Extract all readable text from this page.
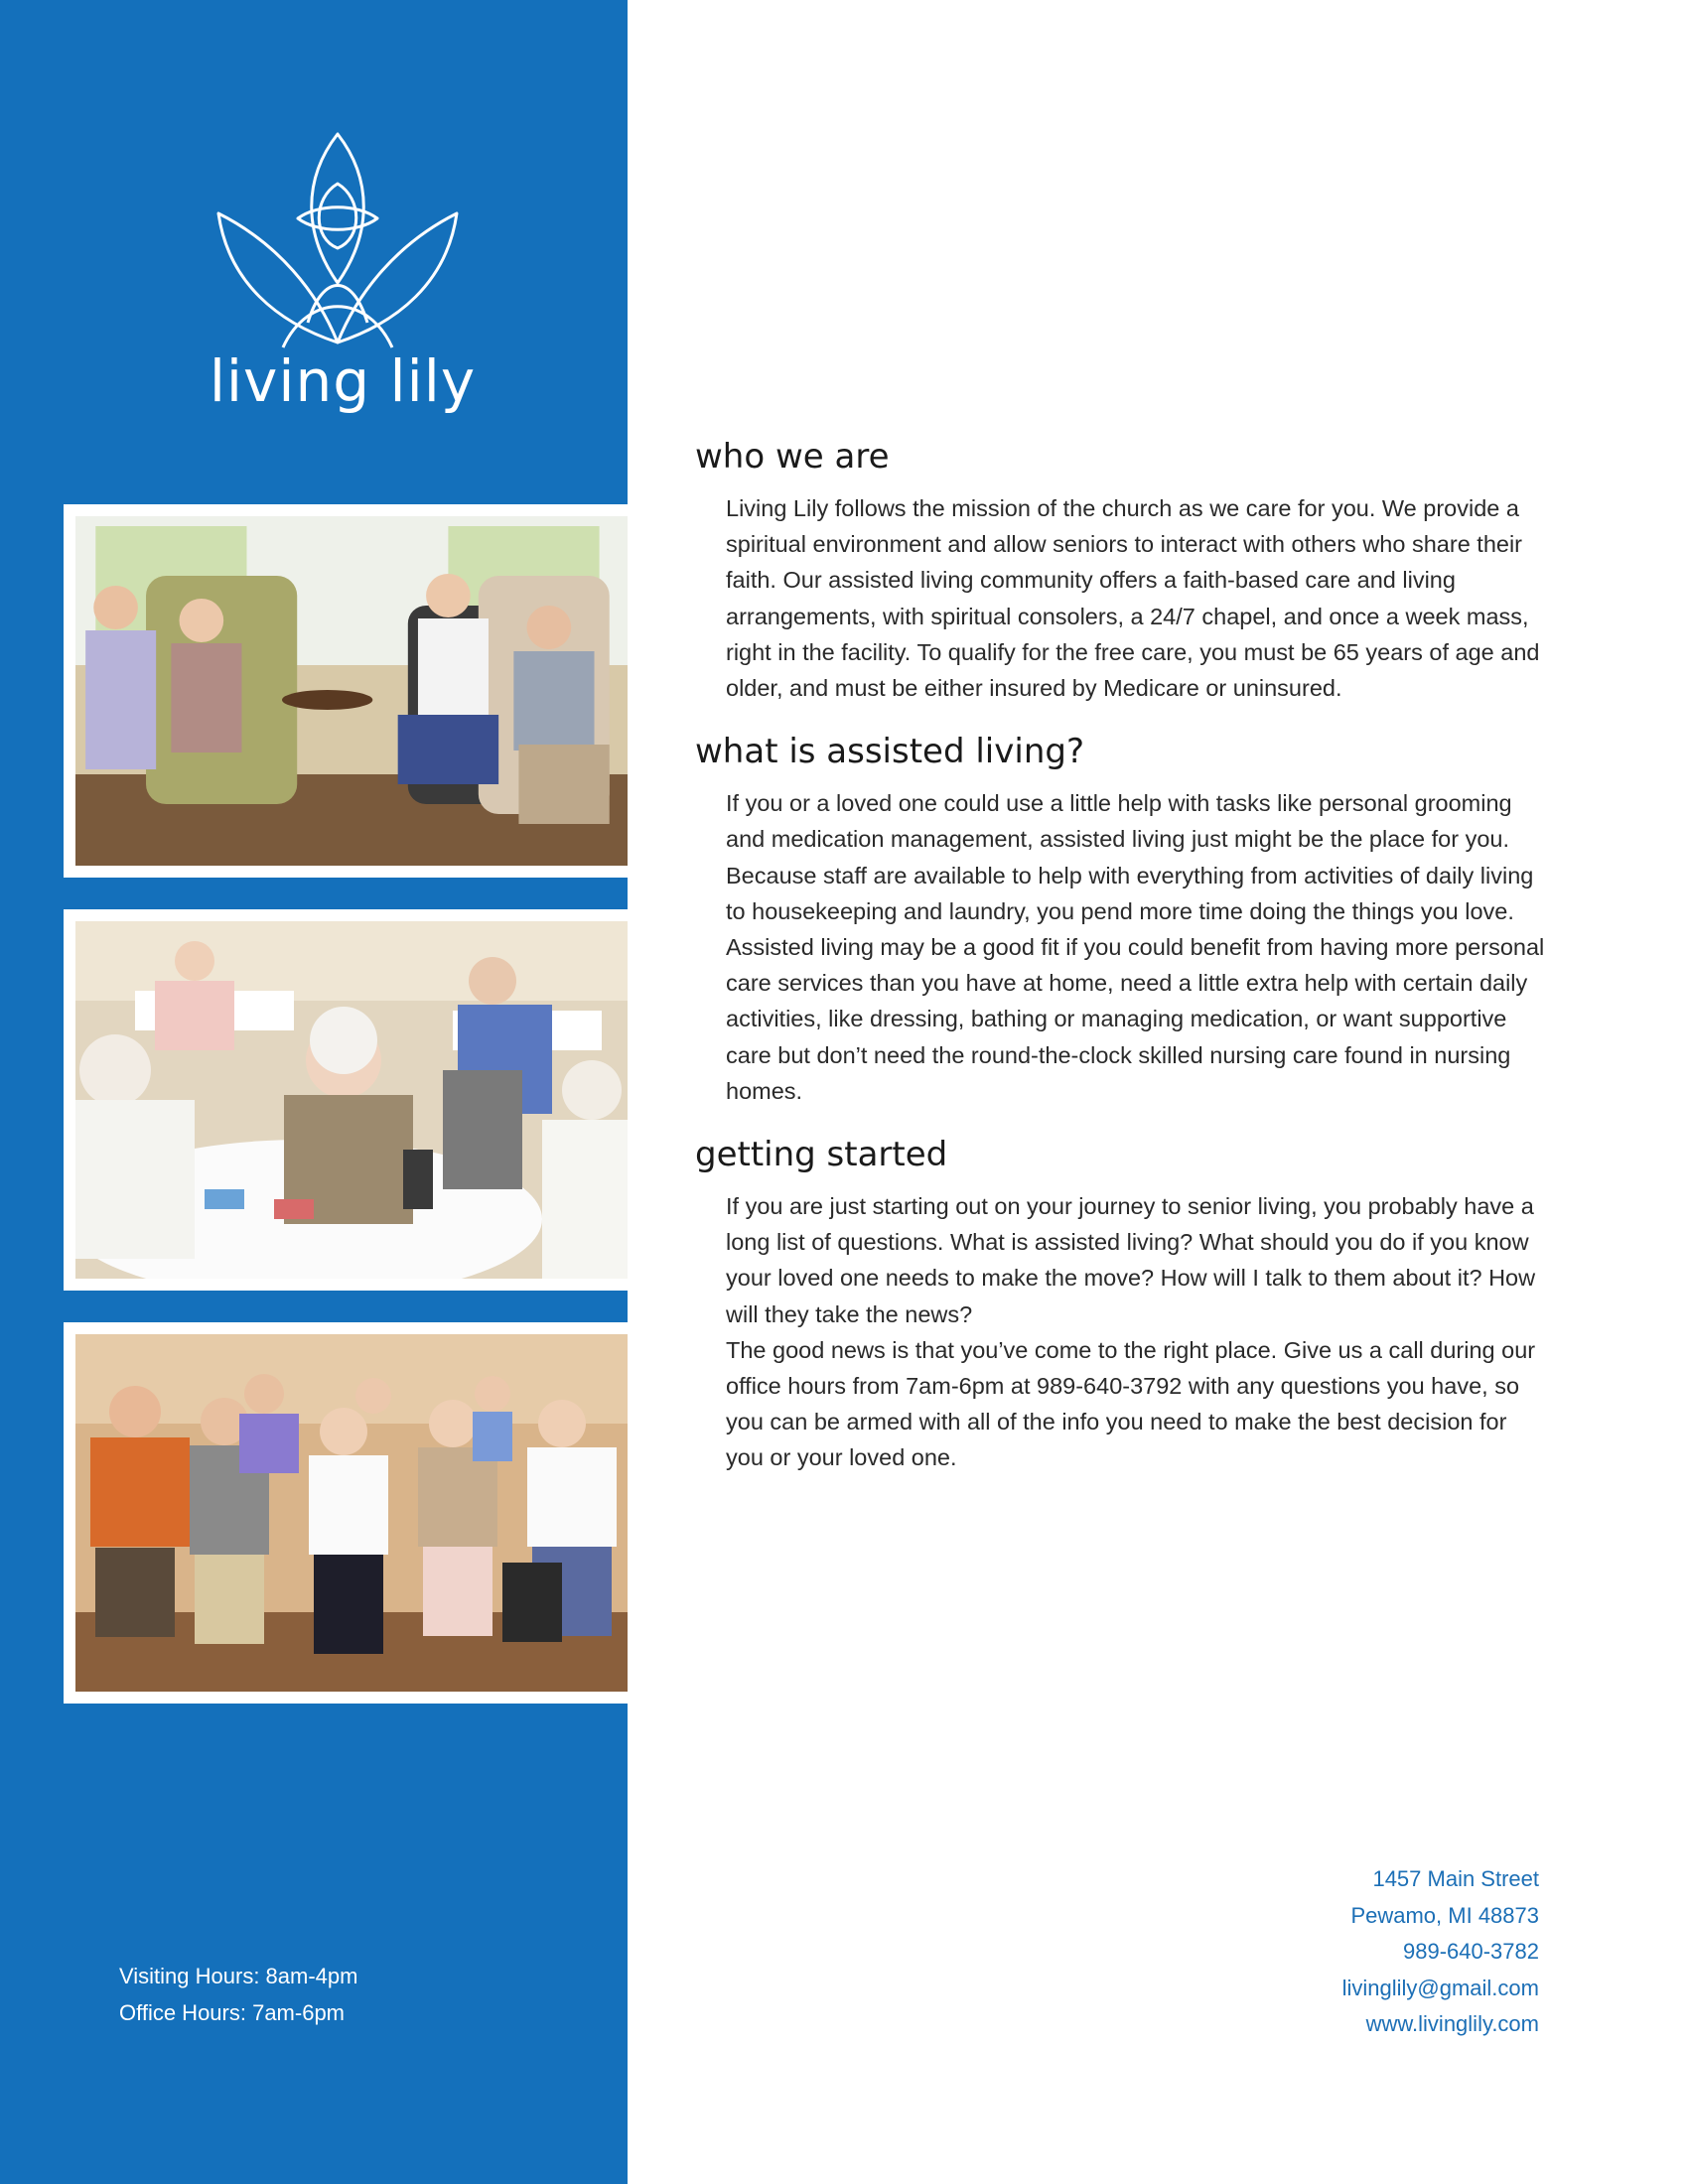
living lily
Visiting Hours: 8am-4pm
Office Hours: 7am-6pm
who we are

Living Lily follows the mission of the church as we care for you. We provide a spiritual environment and allow seniors to interact with others who share their faith. Our assisted living community offers a faith-based care and living arrangements, with spiritual consolers, a 24/7 chapel, and once a week mass, right in the facility. To qualify for the free care, you must be 65 years of age and older, and must be either insured by Medicare or uninsured.

what is assisted living?

If you or a loved one could use a little help with tasks like personal grooming and medication management, assisted living just might be the place for you. Because staff are available to help with everything from activities of daily living to housekeeping and laundry, you pend more time doing the things you love.

Assisted living may be a good fit if you could benefit from having more personal care services than you have at home, need a little extra help with certain daily activities, like dressing, bathing or managing medication, or want supportive care but don’t need the round-the-clock skilled nursing care found in nursing homes.

getting started

If you are just starting out on your journey to senior living, you probably have a long list of questions. What is assisted living? What should you do if you know your loved one needs to make the move? How will I talk to them about it? How will they take the news?

The good news is that you’ve come to the right place. Give us a call during our office hours from 7am-6pm at 989-640-3792 with any questions you have, so you can be armed with all of the info you need to make the best decision for you or your loved one.

1457 Main Street
Pewamo, MI 48873
989-640-3782
livinglily@gmail.com
www.livinglily.com
